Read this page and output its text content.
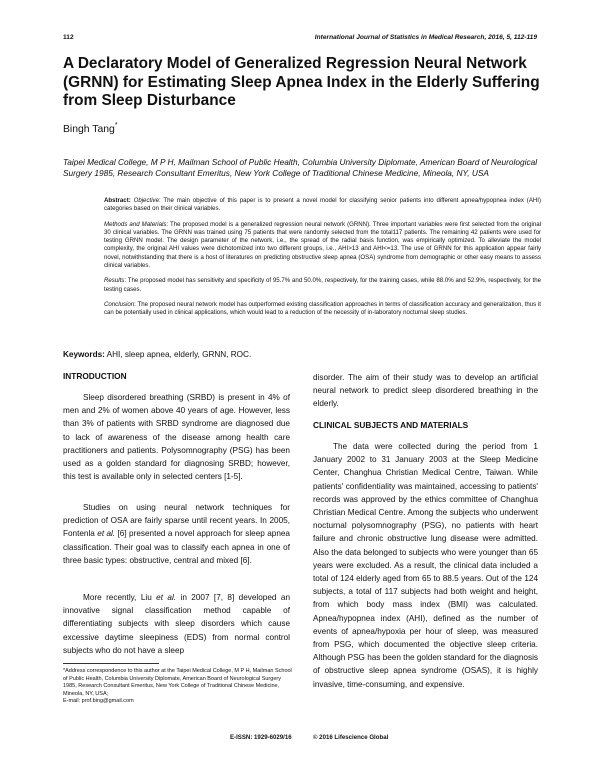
112	International Journal of Statistics in Medical Research, 2016, 5, 112-119
A Declaratory Model of Generalized Regression Neural Network (GRNN) for Estimating Sleep Apnea Index in the Elderly Suffering from Sleep Disturbance
Bingh Tang*
Taipei Medical College, M P H, Mailman School of Public Health, Columbia University Diplomate, American Board of Neurological Surgery 1985, Research Consultant Emeritus, New York College of Traditional Chinese Medicine, Mineola, NY, USA

Abstract: Objective: The main objective of this paper is to present a novel model for classifying senior patients into different apnea/hypopnea index (AHI) categories based on their clinical variables.

Methods and Materials: The proposed model is a generalized regression neural network (GRNN). Three important variables were first selected from the original 30 clinical variables. The GRNN was trained using 75 patients that were randomly selected from the total117 patients. The remaining 42 patients were used for testing GRNN model. The design parameter of the network, i.e., the spread of the radial basis function, was empirically optimized. To alleviate the model complexity, the original AHI values were dichotomized into two different groups, i.e., AHI>13 and AHI<=13. The use of GRNN for this application appear fairly novel, notwithstanding that there is a host of literatures on predicting obstructive sleep apnea (OSA) syndrome from demographic or other easy means to assess clinical variables.

Results: The proposed model has sensitivity and specificity of 95.7% and 50.0%, respectively, for the training cases, while 88.0% and 52.9%, respectively, for the testing cases.

Conclusion: The proposed neural network model has outperformed existing classification approaches in terms of classification accuracy and generalization, thus it can be potentially used in clinical applications, which would lead to a reduction of the necessity of in-laboratory nocturnal sleep studies.

Keywords: AHI, sleep apnea, elderly, GRNN, ROC.
INTRODUCTION
Sleep disordered breathing (SRBD) is present in 4% of men and 2% of women above 40 years of age. However, less than 3% of patients with SRBD syndrome are diagnosed due to lack of awareness of the disease among health care practitioners and patients. Polysomnography (PSG) has been used as a golden standard for diagnosing SRBD; however, this test is available only in selected centers [1-5].
Studies on using neural network techniques for prediction of OSA are fairly sparse until recent years. In 2005, Fontenla et al. [6] presented a novel approach for sleep apnea classification. Their goal was to classify each apnea in one of three basic types: obstructive, central and mixed [6].
More recently, Liu et al. in 2007 [7, 8] developed an innovative signal classification method capable of differentiating subjects with sleep disorders which cause excessive daytime sleepiness (EDS) from normal control subjects who do not have a sleep
*Address correspondence to this author at the Taipei Medical College, M P H, Mailman School of Public Health, Columbia University Diplomate, American Board of Neurological Surgery 1985, Research Consultant Emeritus, New York College of Traditional Chinese Medicine, Mineola, NY, USA;
E-mail: prof.bing@gmail.com
disorder. The aim of their study was to develop an artificial neural network to predict sleep disordered breathing in the elderly.
CLINICAL SUBJECTS AND MATERIALS
The data were collected during the period from 1 January 2002 to 31 January 2003 at the Sleep Medicine Center, Changhua Christian Medical Centre, Taiwan. While patients' confidentiality was maintained, accessing to patients' records was approved by the ethics committee of Changhua Christian Medical Centre. Among the subjects who underwent nocturnal polysomnography (PSG), no patients with heart failure and chronic obstructive lung disease were admitted. Also the data belonged to subjects who were younger than 65 years were excluded. As a result, the clinical data included a total of 124 elderly aged from 65 to 88.5 years. Out of the 124 subjects, a total of 117 subjects had both weight and height, from which body mass index (BMI) was calculated. Apnea/hypopnea index (AHI), defined as the number of events of apnea/hypoxia per hour of sleep, was measured from PSG, which documented the objective sleep criteria. Although PSG has been the golden standard for the diagnosis of obstructive sleep apnea syndrome (OSAS), it is highly invasive, time-consuming, and expensive.
E-ISSN: 1929-6029/16	© 2016 Lifescience Global
